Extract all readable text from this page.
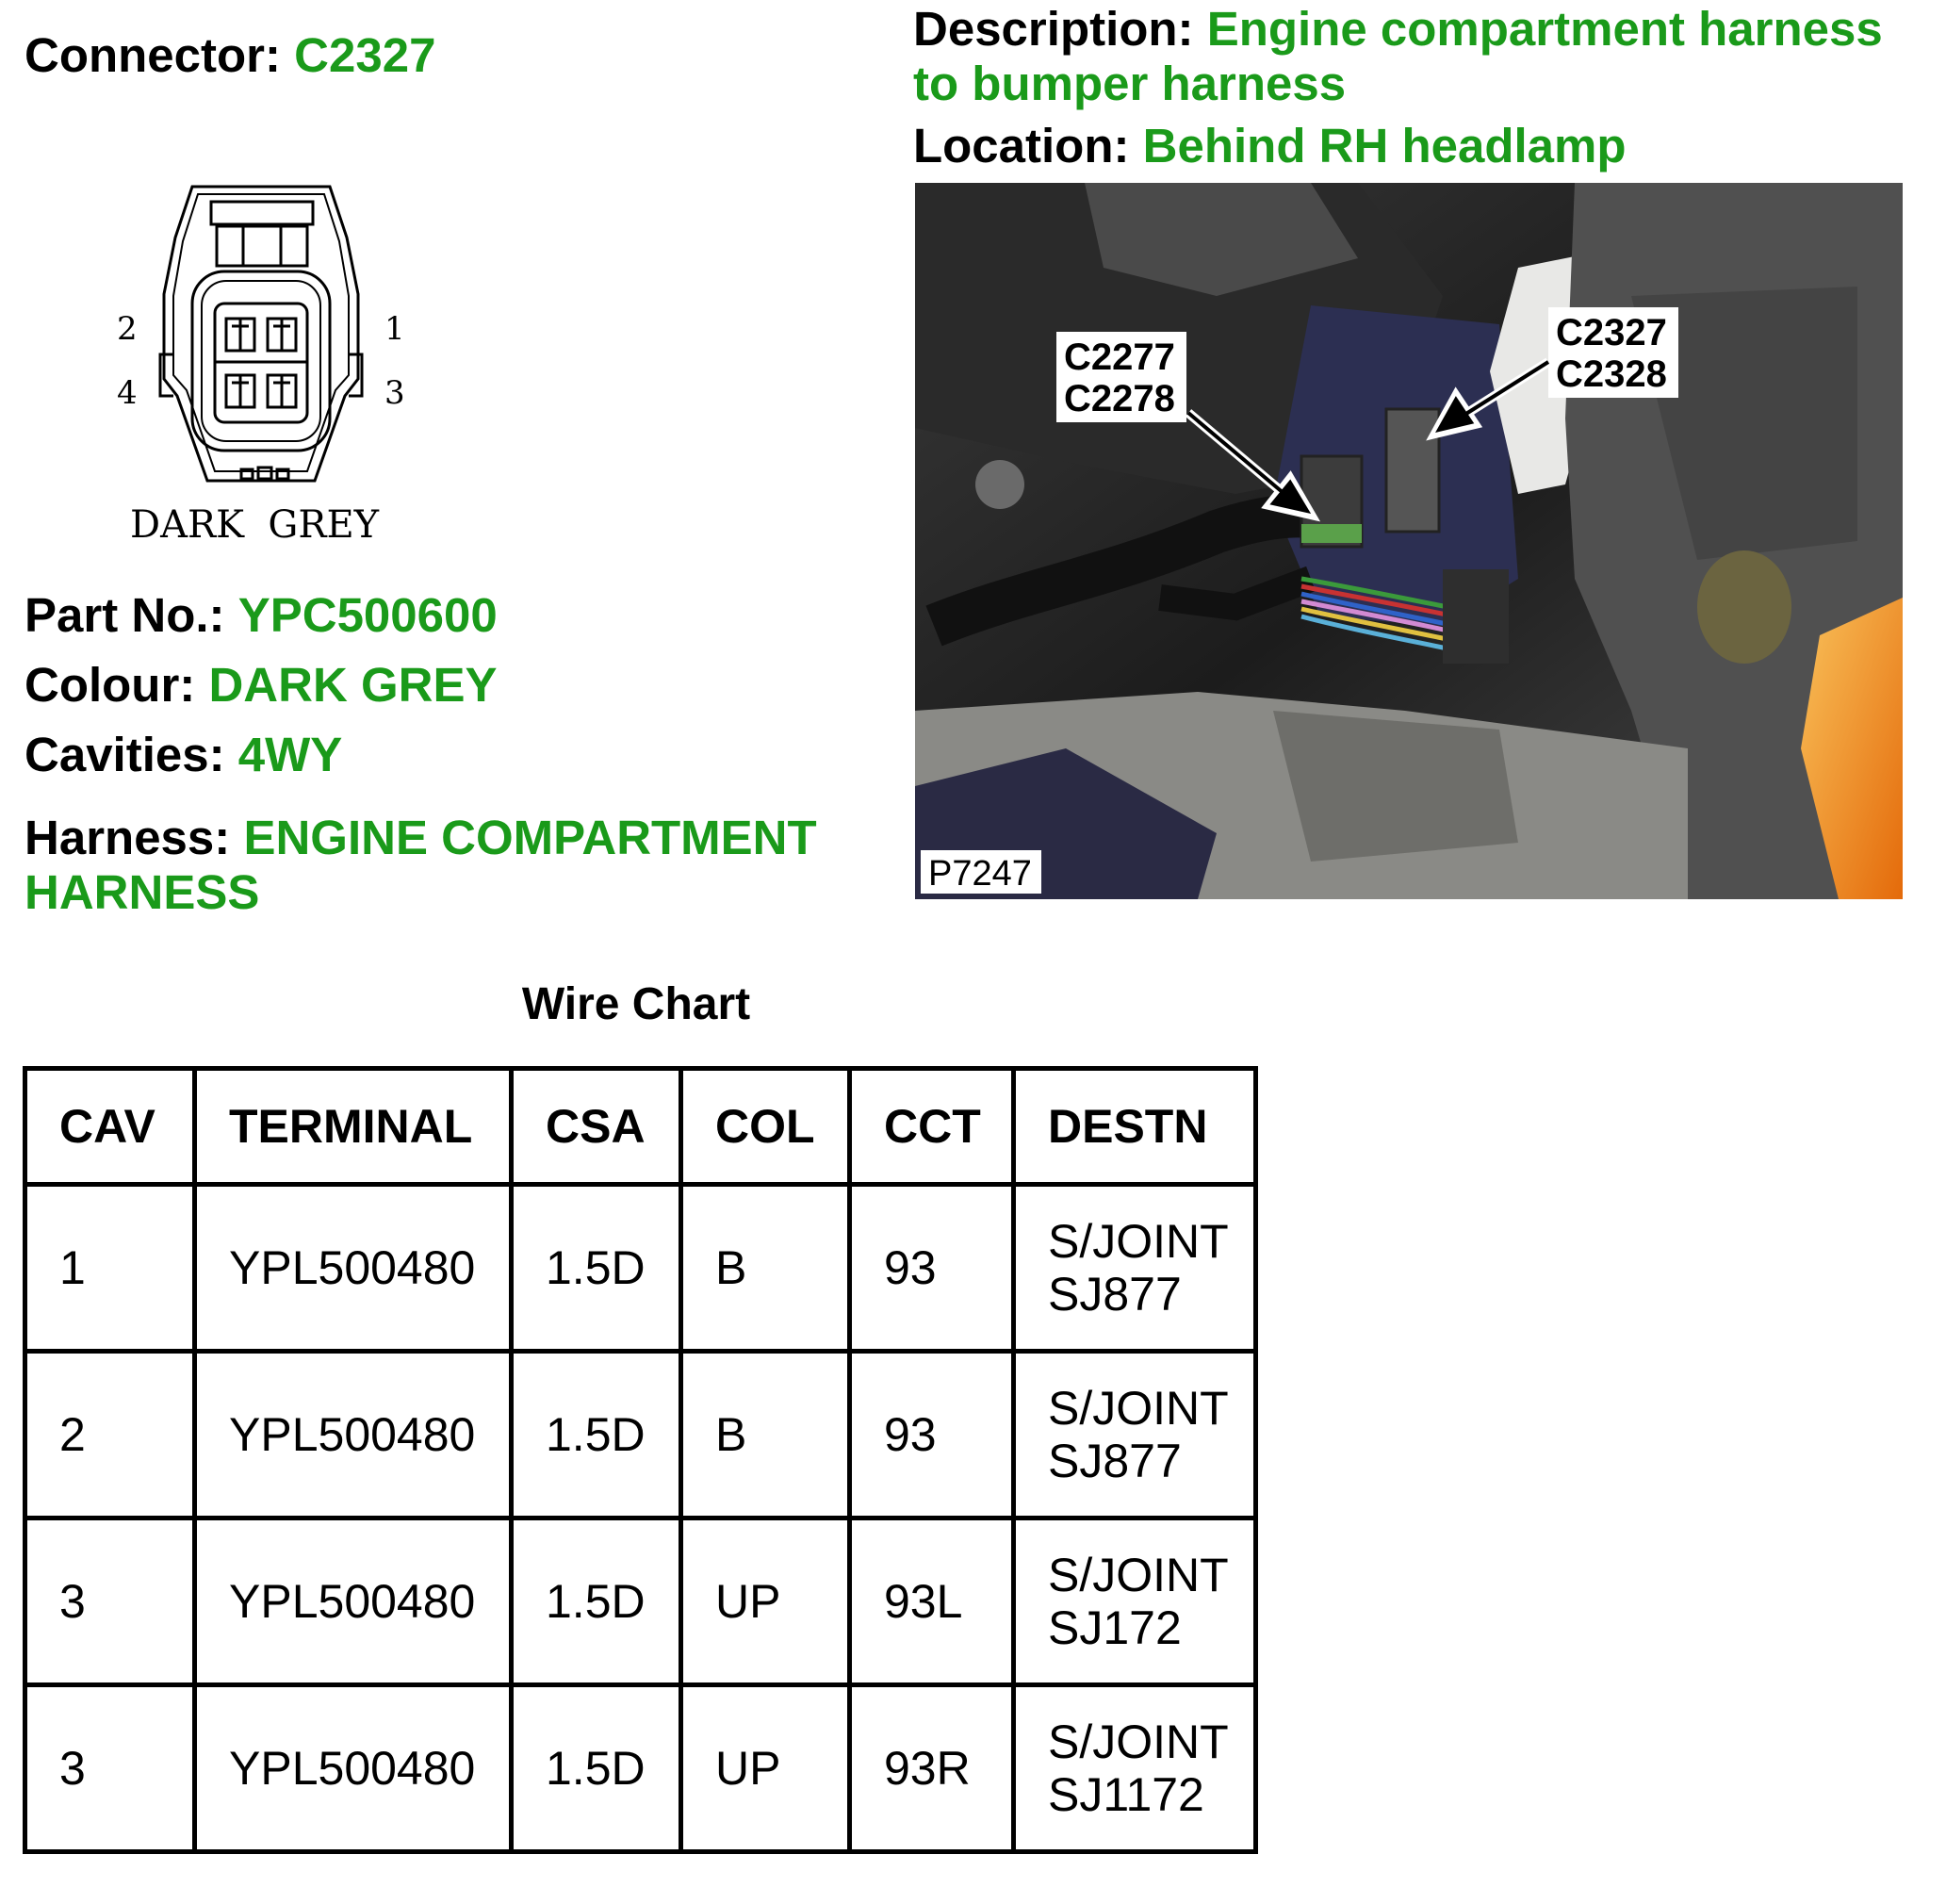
Connector: C2327	Description: Engine compartment harness to bumper harness
Location: Behind RH headlamp
2	1
4	3
DARK  GREY
C2277
C2278
C2327
C2328
P7247
Part No.: YPC500600
Colour: DARK GREY
Cavities: 4WY
Harness: ENGINE COMPARTMENT HARNESS
Wire Chart
CAV	TERMINAL	CSA	COL	CCT	DESTN
1	YPL500480	1.5D	B	93	S/JOINT
SJ877
2	YPL500480	1.5D	B	93	S/JOINT
SJ877
3	YPL500480	1.5D	UP	93L	S/JOINT
SJ172
3	YPL500480	1.5D	UP	93R	S/JOINT
SJ1172
